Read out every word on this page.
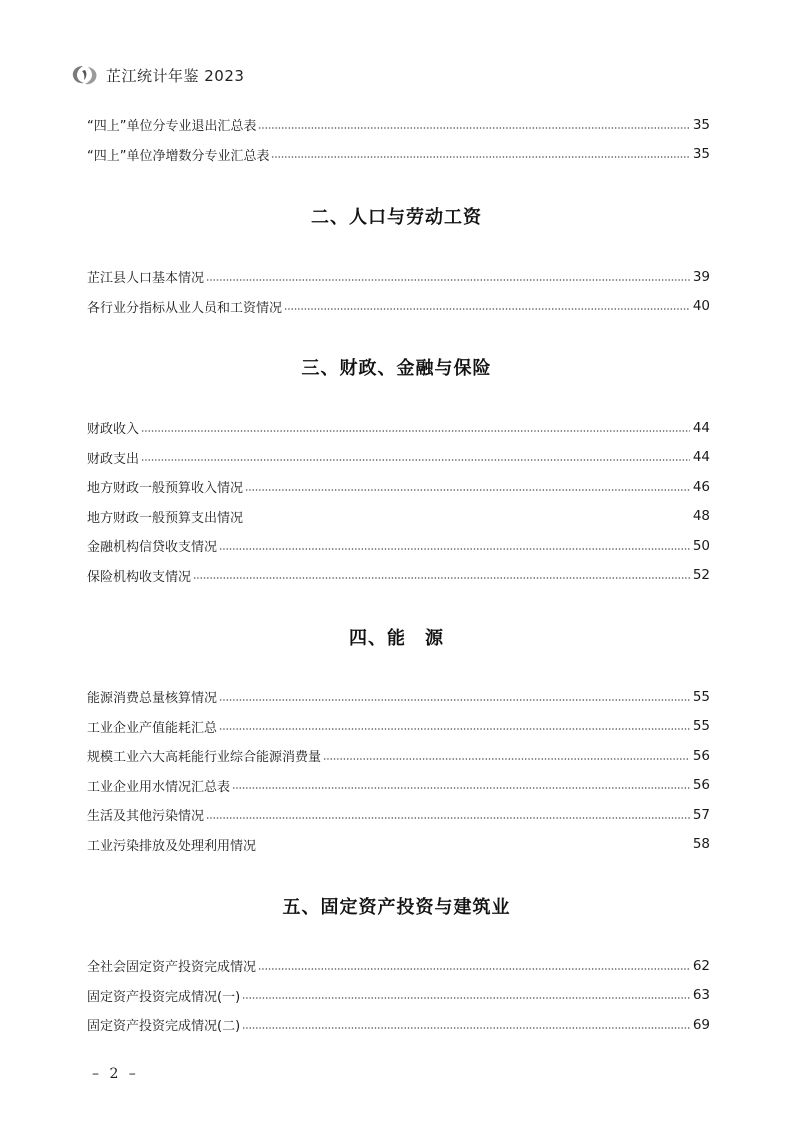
芷江统计年鉴 2023
“四上”单位分专业退出汇总表	35
“四上”单位净增数分专业汇总表	35
二、人口与劳动工资
芷江县人口基本情况	39
各行业分指标从业人员和工资情况	40
三、财政、金融与保险
财政收入	44
财政支出	44
地方财政一般预算收入情况	46
地方财政一般预算支出情况	48
金融机构信贷收支情况	50
保险机构收支情况	52
四、能　源
能源消费总量核算情况	55
工业企业产值能耗汇总	55
规模工业六大高耗能行业综合能源消费量	56
工业企业用水情况汇总表	56
生活及其他污染情况	57
工业污染排放及处理利用情况	58
五、固定资产投资与建筑业
全社会固定资产投资完成情况	62
固定资产投资完成情况(一)	63
固定资产投资完成情况(二)	69
– 2 –
